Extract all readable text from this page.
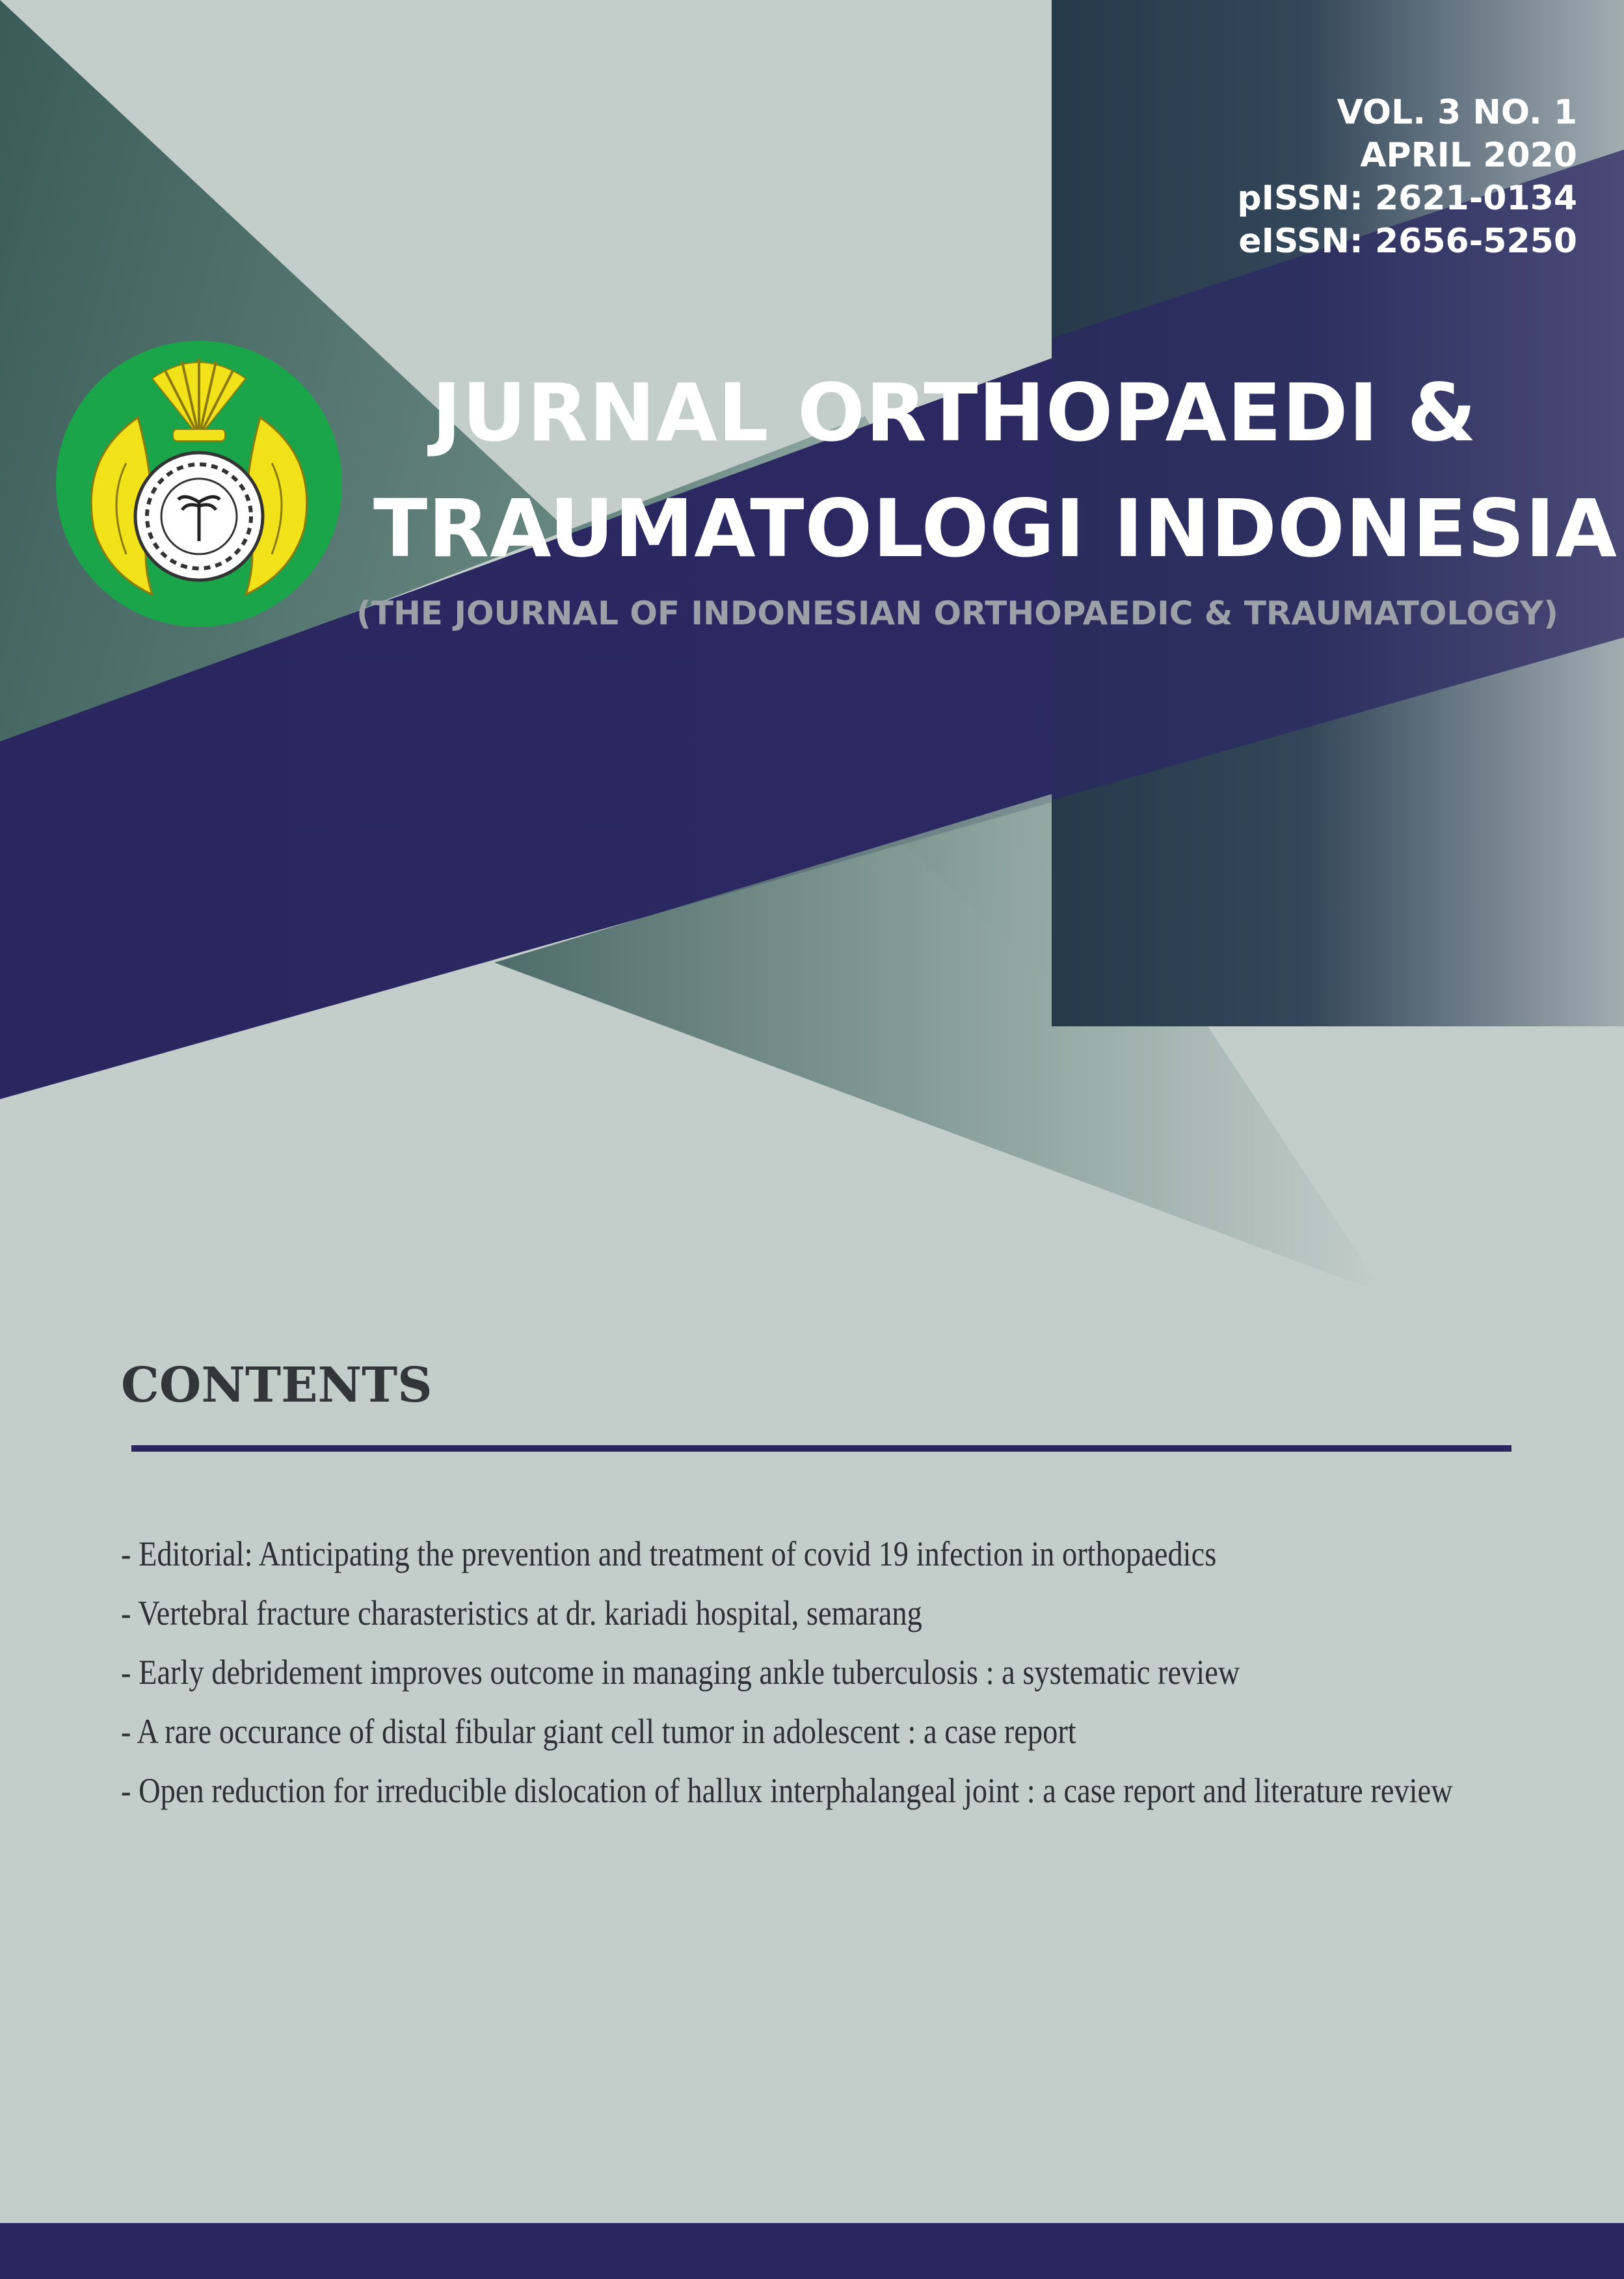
VOL. 3 NO. 1
APRIL 2020
pISSN: 2621-0134
eISSN: 2656-5250
JURNAL ORTHOPAEDI &
TRAUMATOLOGI INDONESIA
(THE JOURNAL OF INDONESIAN ORTHOPAEDIC & TRAUMATOLOGY)
CONTENTS
- Editorial: Anticipating the prevention and treatment of covid 19 infection in orthopaedics
- Vertebral fracture charasteristics at dr. kariadi hospital, semarang
- Early debridement improves outcome in managing ankle tuberculosis : a systematic review
- A rare occurance of distal fibular giant cell tumor in adolescent : a case report
- Open reduction for irreducible dislocation of hallux interphalangeal joint : a case report and literature review
